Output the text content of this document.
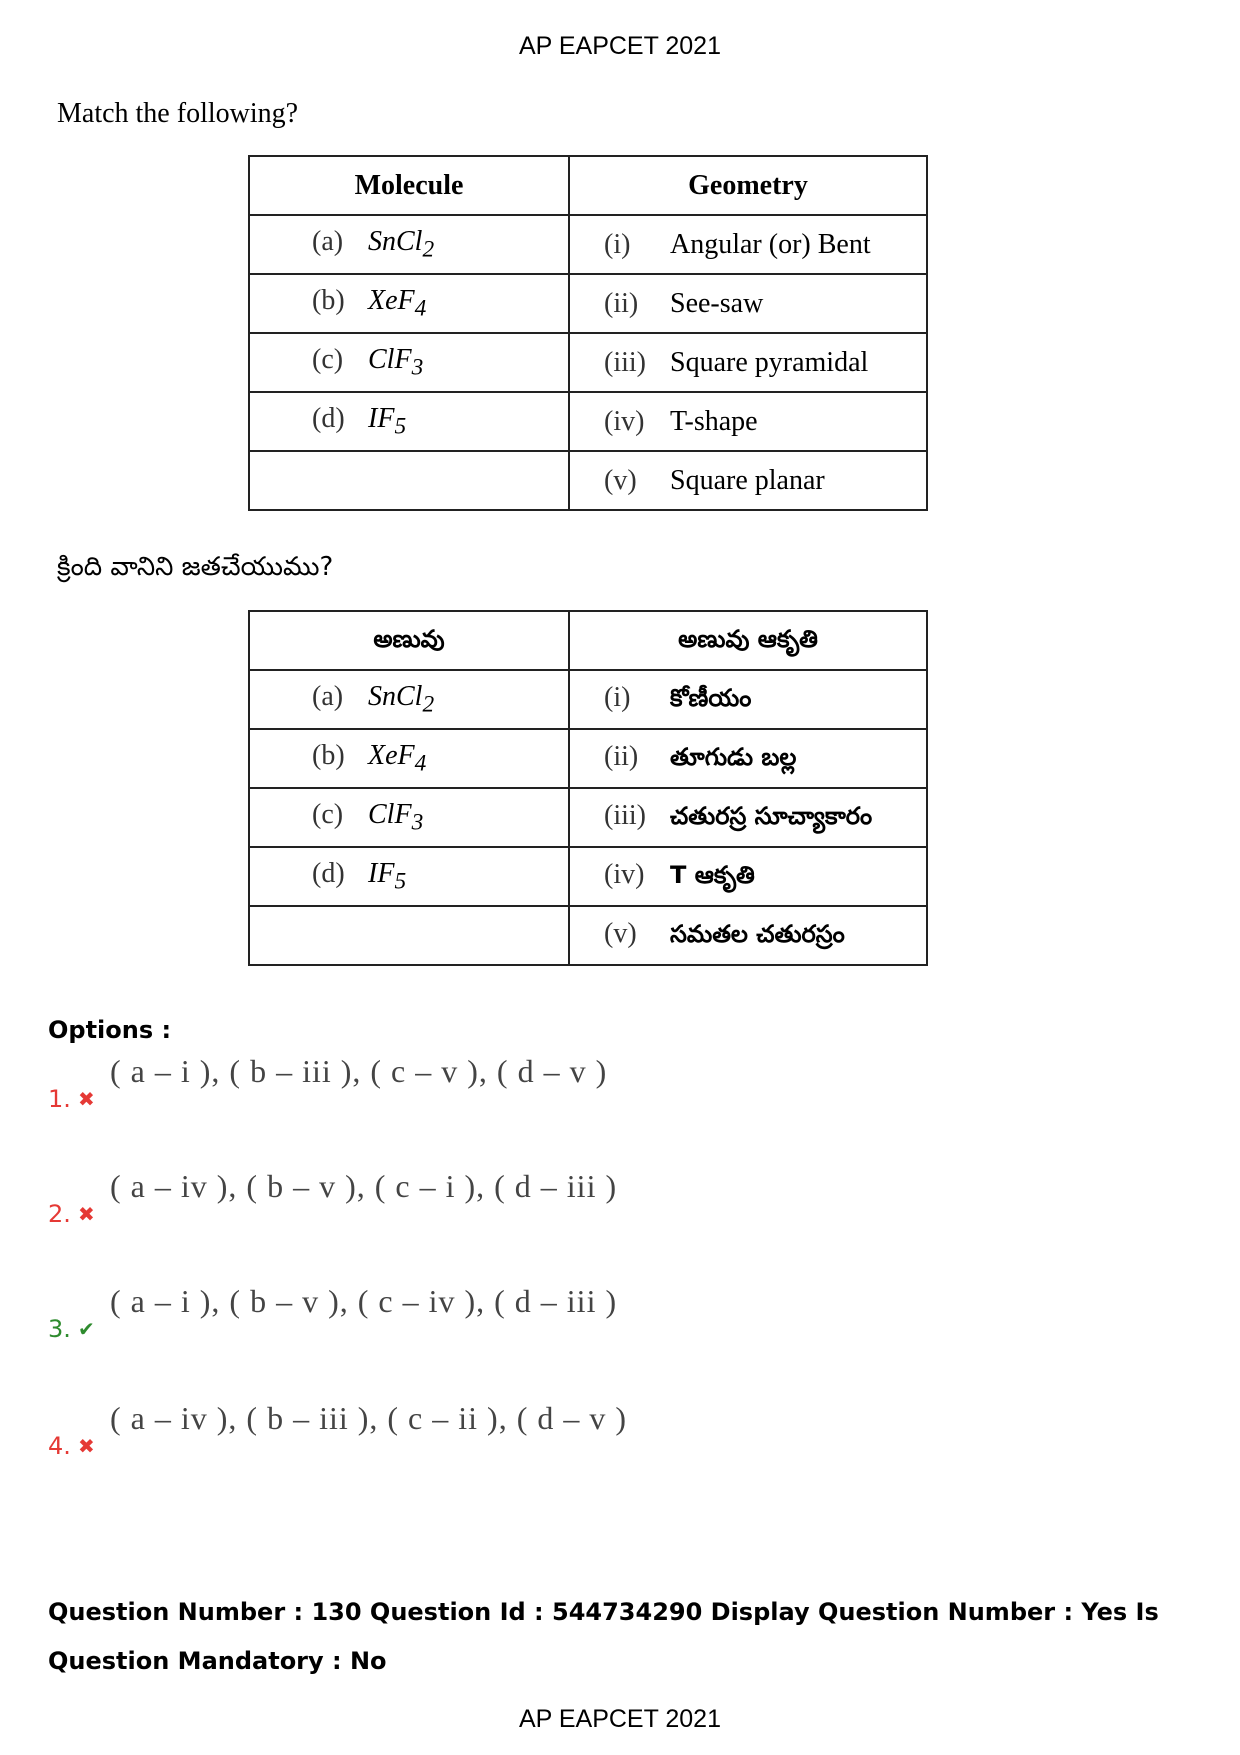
AP EAPCET 2021
Match the following?
Molecule	Geometry
(a) SnCl$_2$	(i) Angular (or) Bent
(b) XeF$_4$	(ii) See-saw
(c) ClF$_3$	(iii) Square pyramidal
(d) $IF_5$	(iv) T-shape
	(v) Square planar
క్రింది వానిని జతచేయుము?
అణువు	అణువు ఆకృతి
(a) SnCl$_2$	(i) కోణీయం
(b) XeF$_4$	(ii) తూగుడు బల్ల
(c) ClF$_3$	(iii) చతురస్ర సూచ్యాకారం
(d) $IF_5$	(iv) T ఆకృతి
	(v) సమతల చతురస్రం
Options :
1. ✖
( a – i ), ( b – iii ), ( c – v ), ( d – v )
2. ✖
( a – iv ), ( b – v ), ( c – i ), ( d – iii )
3. ✔
( a – i ), ( b – v ), ( c – iv ), ( d – iii )
4. ✖
( a – iv ), ( b – iii ), ( c – ii ), ( d – v )
Question Number : 130 Question Id : 544734290 Display Question Number : Yes Is Question Mandatory : No
AP EAPCET 2021
